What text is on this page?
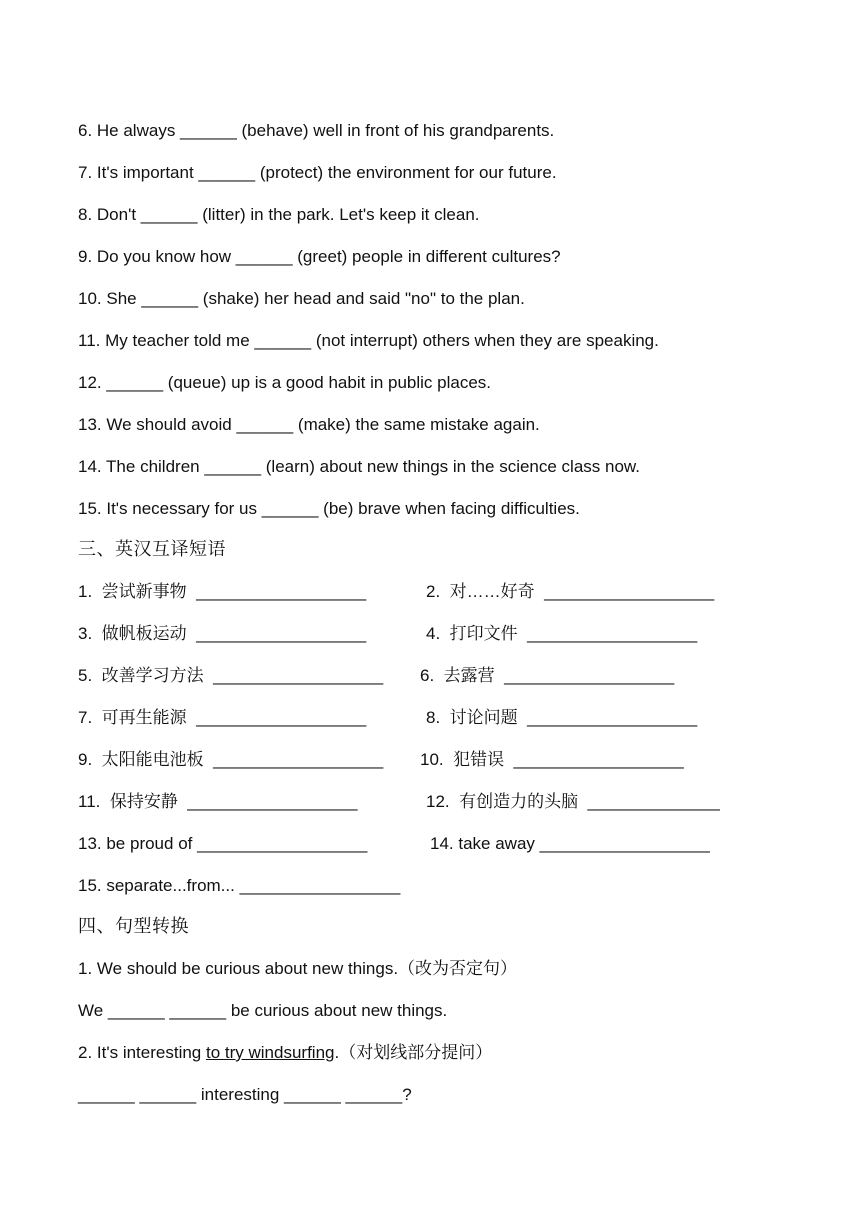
6. He always ______ (behave) well in front of his grandparents.
7. It's important ______ (protect) the environment for our future.
8. Don't ______ (litter) in the park. Let's keep it clean.
9. Do you know how ______ (greet) people in different cultures?
10. She ______ (shake) her head and said "no" to the plan.
11. My teacher told me ______ (not interrupt) others when they are speaking.
12. ______ (queue) up is a good habit in public places.
13. We should avoid ______ (make) the same mistake again.
14. The children ______ (learn) about new things in the science class now.
15. It's necessary for us ______ (be) brave when facing difficulties.
三、英汉互译短语
1.  尝试新事物  __________________	2.  对……好奇  __________________
3.  做帆板运动  __________________	4.  打印文件  __________________
5.  改善学习方法  __________________ 6.  去露营  __________________
7.  可再生能源  __________________	8.  讨论问题  __________________
9.  太阳能电池板  __________________ 10.  犯错误  __________________
11.  保持安静  __________________	12.  有创造力的头脑  ______________
13. be proud of __________________	14. take away __________________
15. separate...from... _________________
四、句型转换
1. We should be curious about new things.（改为否定句）
We ______ ______ be curious about new things.
2. It's interesting to try windsurfing.（对划线部分提问）
______ ______ interesting ______ ______?
